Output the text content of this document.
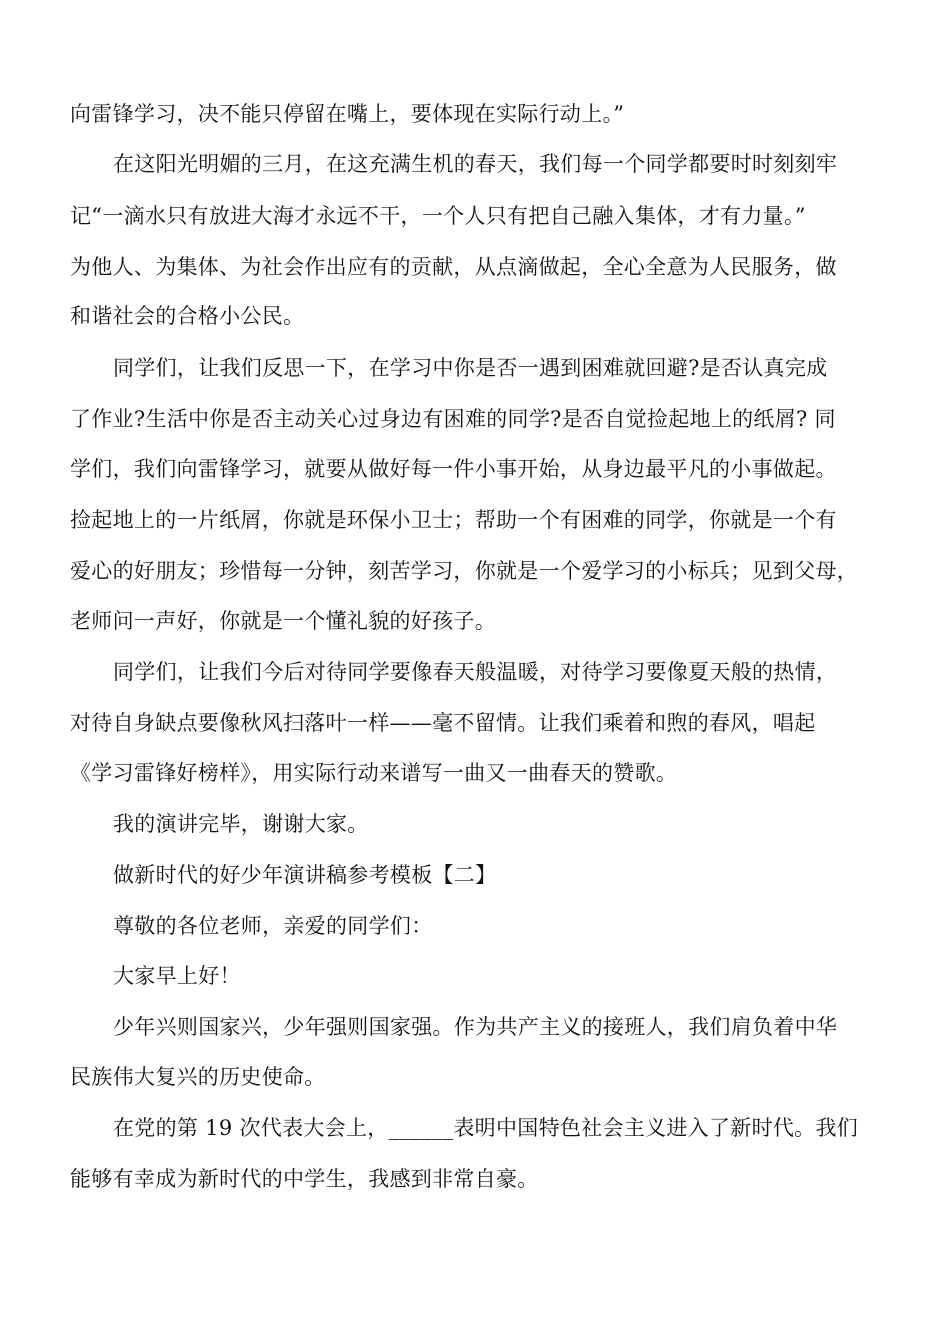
向雷锋学习，决不能只停留在嘴上，要体现在实际行动上。”
在这阳光明媚的三月，在这充满生机的春天，我们每一个同学都要时时刻刻牢
记“一滴水只有放进大海才永远不干，一个人只有把自己融入集体，才有力量。”
为他人、为集体、为社会作出应有的贡献，从点滴做起，全心全意为人民服务，做
和谐社会的合格小公民。
同学们，让我们反思一下，在学习中你是否一遇到困难就回避?是否认真完成
了作业?生活中你是否主动关心过身边有困难的同学?是否自觉捡起地上的纸屑? 同
学们，我们向雷锋学习，就要从做好每一件小事开始，从身边最平凡的小事做起。
捡起地上的一片纸屑，你就是环保小卫士；帮助一个有困难的同学，你就是一个有
爱心的好朋友；珍惜每一分钟，刻苦学习，你就是一个爱学习的小标兵；见到父母，
老师问一声好，你就是一个懂礼貌的好孩子。
同学们，让我们今后对待同学要像春天般温暖，对待学习要像夏天般的热情，
对待自身缺点要像秋风扫落叶一样——毫不留情。让我们乘着和煦的春风，唱起
《学习雷锋好榜样》，用实际行动来谱写一曲又一曲春天的赞歌。
我的演讲完毕，谢谢大家。
做新时代的好少年演讲稿参考模板【二】
尊敬的各位老师，亲爱的同学们：
大家早上好！
少年兴则国家兴，少年强则国家强。作为共产主义的接班人，我们肩负着中华
民族伟大复兴的历史使命。
在党的第 19 次代表大会上，______表明中国特色社会主义进入了新时代。我们
能够有幸成为新时代的中学生，我感到非常自豪。
